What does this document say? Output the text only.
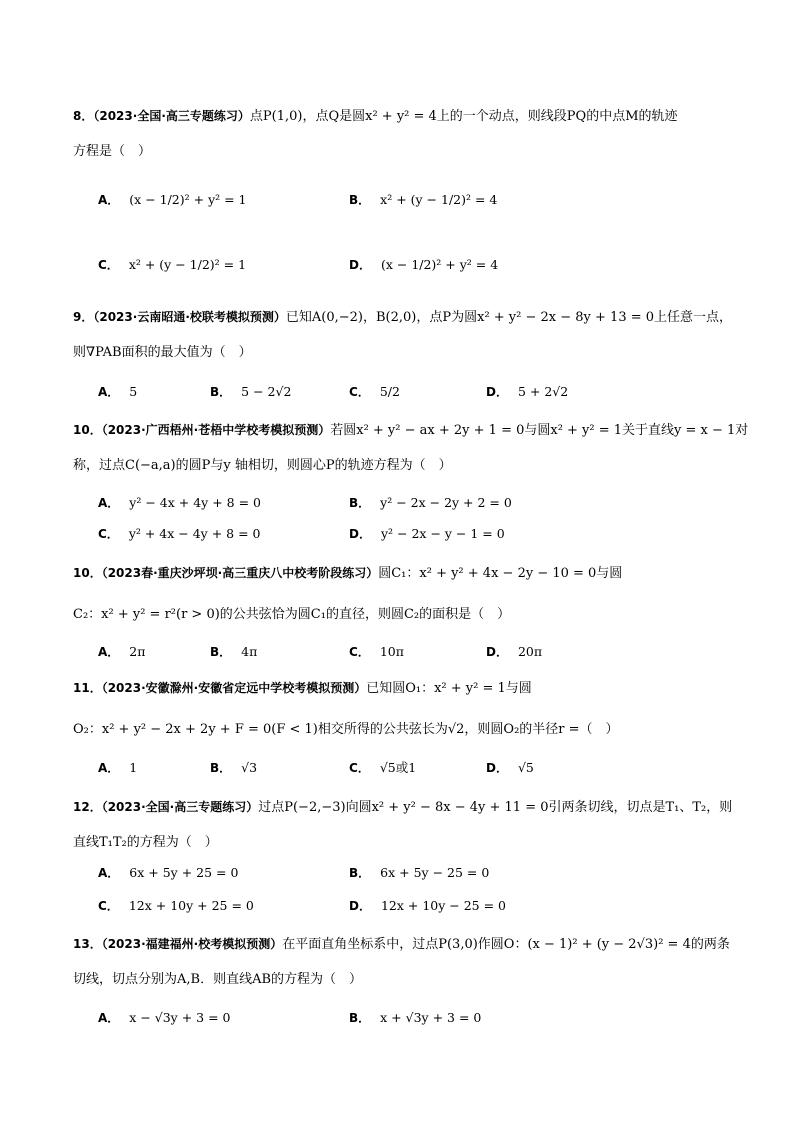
8．（2023·全国·高三专题练习）点P(1,0)，点Q是圆x² + y² = 4上的一个动点，则线段PQ的中点M的轨迹
方程是（　）
A． (x − 1/2)² + y² = 1	B． x² + (y − 1/2)² = 4
C． x² + (y − 1/2)² = 1	D． (x − 1/2)² + y² = 4
9．（2023·云南昭通·校联考模拟预测）已知A(0,−2)，B(2,0)，点P为圆x² + y² − 2x − 8y + 13 = 0上任意一点，
则∇PAB面积的最大值为（　）
A． 5	B． 5 − 2√2	C． 5/2	D． 5 + 2√2
10．（2023·广西梧州·苍梧中学校考模拟预测）若圆x² + y² − ax + 2y + 1 = 0与圆x² + y² = 1关于直线y = x − 1对
称，过点C(−a,a)的圆P与y 轴相切，则圆心P的轨迹方程为（　）
A． y² − 4x + 4y + 8 = 0	B． y² − 2x − 2y + 2 = 0
C． y² + 4x − 4y + 8 = 0	D． y² − 2x − y − 1 = 0
10．（2023春·重庆沙坪坝·高三重庆八中校考阶段练习）圆C₁：x² + y² + 4x − 2y − 10 = 0与圆
C₂：x² + y² = r²(r > 0)的公共弦恰为圆C₁的直径，则圆C₂的面积是（　）
A． 2π	B． 4π	C． 10π	D． 20π
11．（2023·安徽滁州·安徽省定远中学校考模拟预测）已知圆O₁：x² + y² = 1与圆
O₂：x² + y² − 2x + 2y + F = 0(F < 1)相交所得的公共弦长为√2，则圆O₂的半径r =（　）
A． 1	B． √3	C． √5或1	D． √5
12．（2023·全国·高三专题练习）过点P(−2,−3)向圆x² + y² − 8x − 4y + 11 = 0引两条切线，切点是T₁、T₂，则
直线T₁T₂的方程为（　）
A． 6x + 5y + 25 = 0	B． 6x + 5y − 25 = 0
C． 12x + 10y + 25 = 0	D． 12x + 10y − 25 = 0
13．（2023·福建福州·校考模拟预测）在平面直角坐标系中，过点P(3,0)作圆O：(x − 1)² + (y − 2√3)² = 4的两条
切线，切点分别为A,B．则直线AB的方程为（　）
A． x − √3y + 3 = 0	B． x + √3y + 3 = 0
